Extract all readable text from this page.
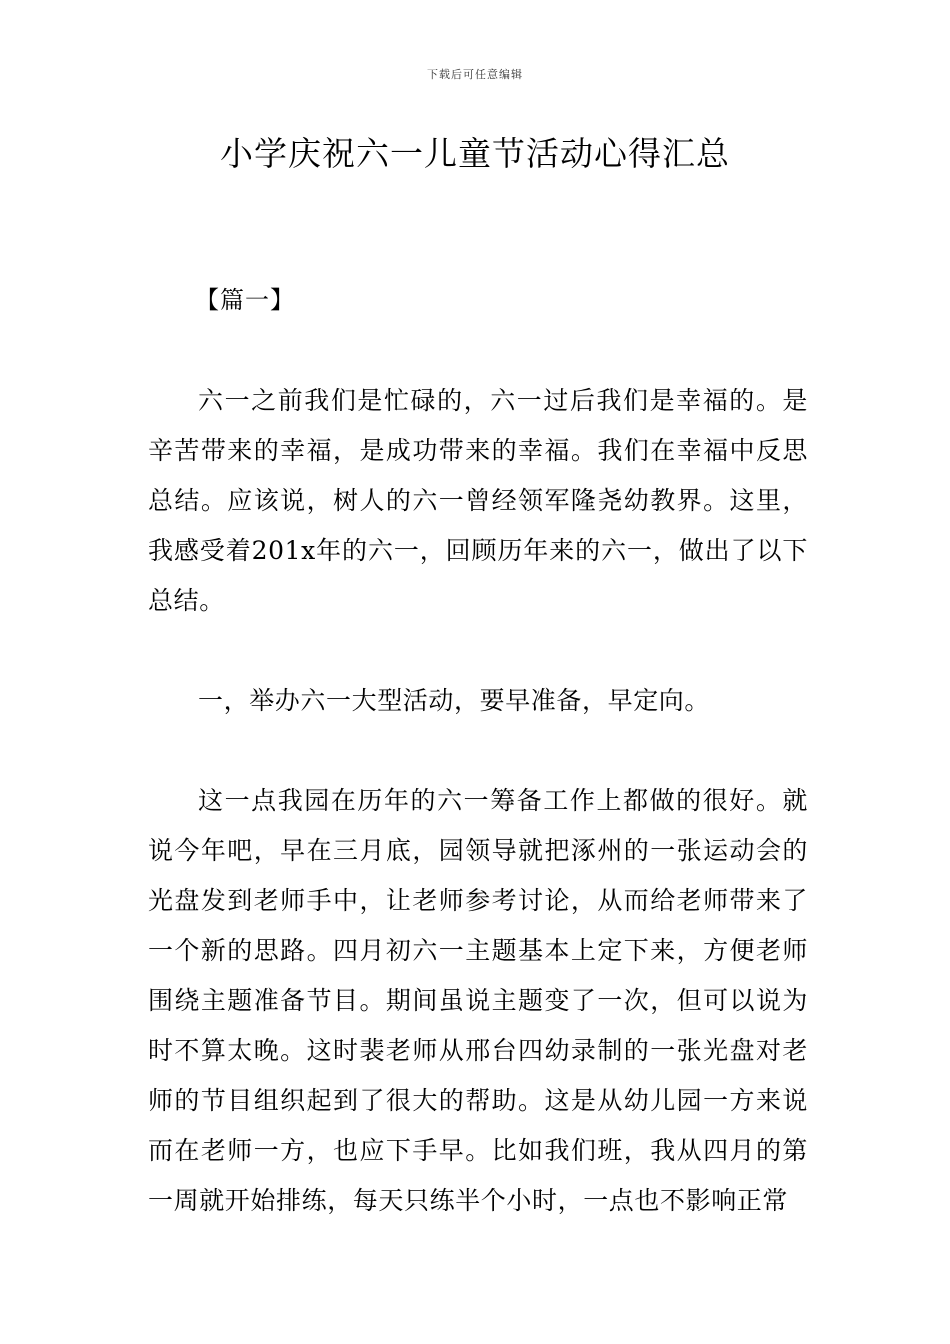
下载后可任意编辑
小学庆祝六一儿童节活动心得汇总
【篇一】

六一之前我们是忙碌的，六一过后我们是幸福的。是辛苦带来的幸福，是成功带来的幸福。我们在幸福中反思总结。应该说，树人的六一曾经领军隆尧幼教界。这里，我感受着201x年的六一，回顾历年来的六一，做出了以下总结。

一，举办六一大型活动，要早准备，早定向。

这一点我园在历年的六一筹备工作上都做的很好。就说今年吧，早在三月底，园领导就把涿州的一张运动会的光盘发到老师手中，让老师参考讨论，从而给老师带来了一个新的思路。四月初六一主题基本上定下来，方便老师围绕主题准备节目。期间虽说主题变了一次，但可以说为时不算太晚。这时裴老师从邢台四幼录制的一张光盘对老师的节目组织起到了很大的帮助。这是从幼儿园一方来说而在老师一方，也应下手早。比如我们班，我从四月的第一周就开始排练，每天只练半个小时，一点也不影响正常
